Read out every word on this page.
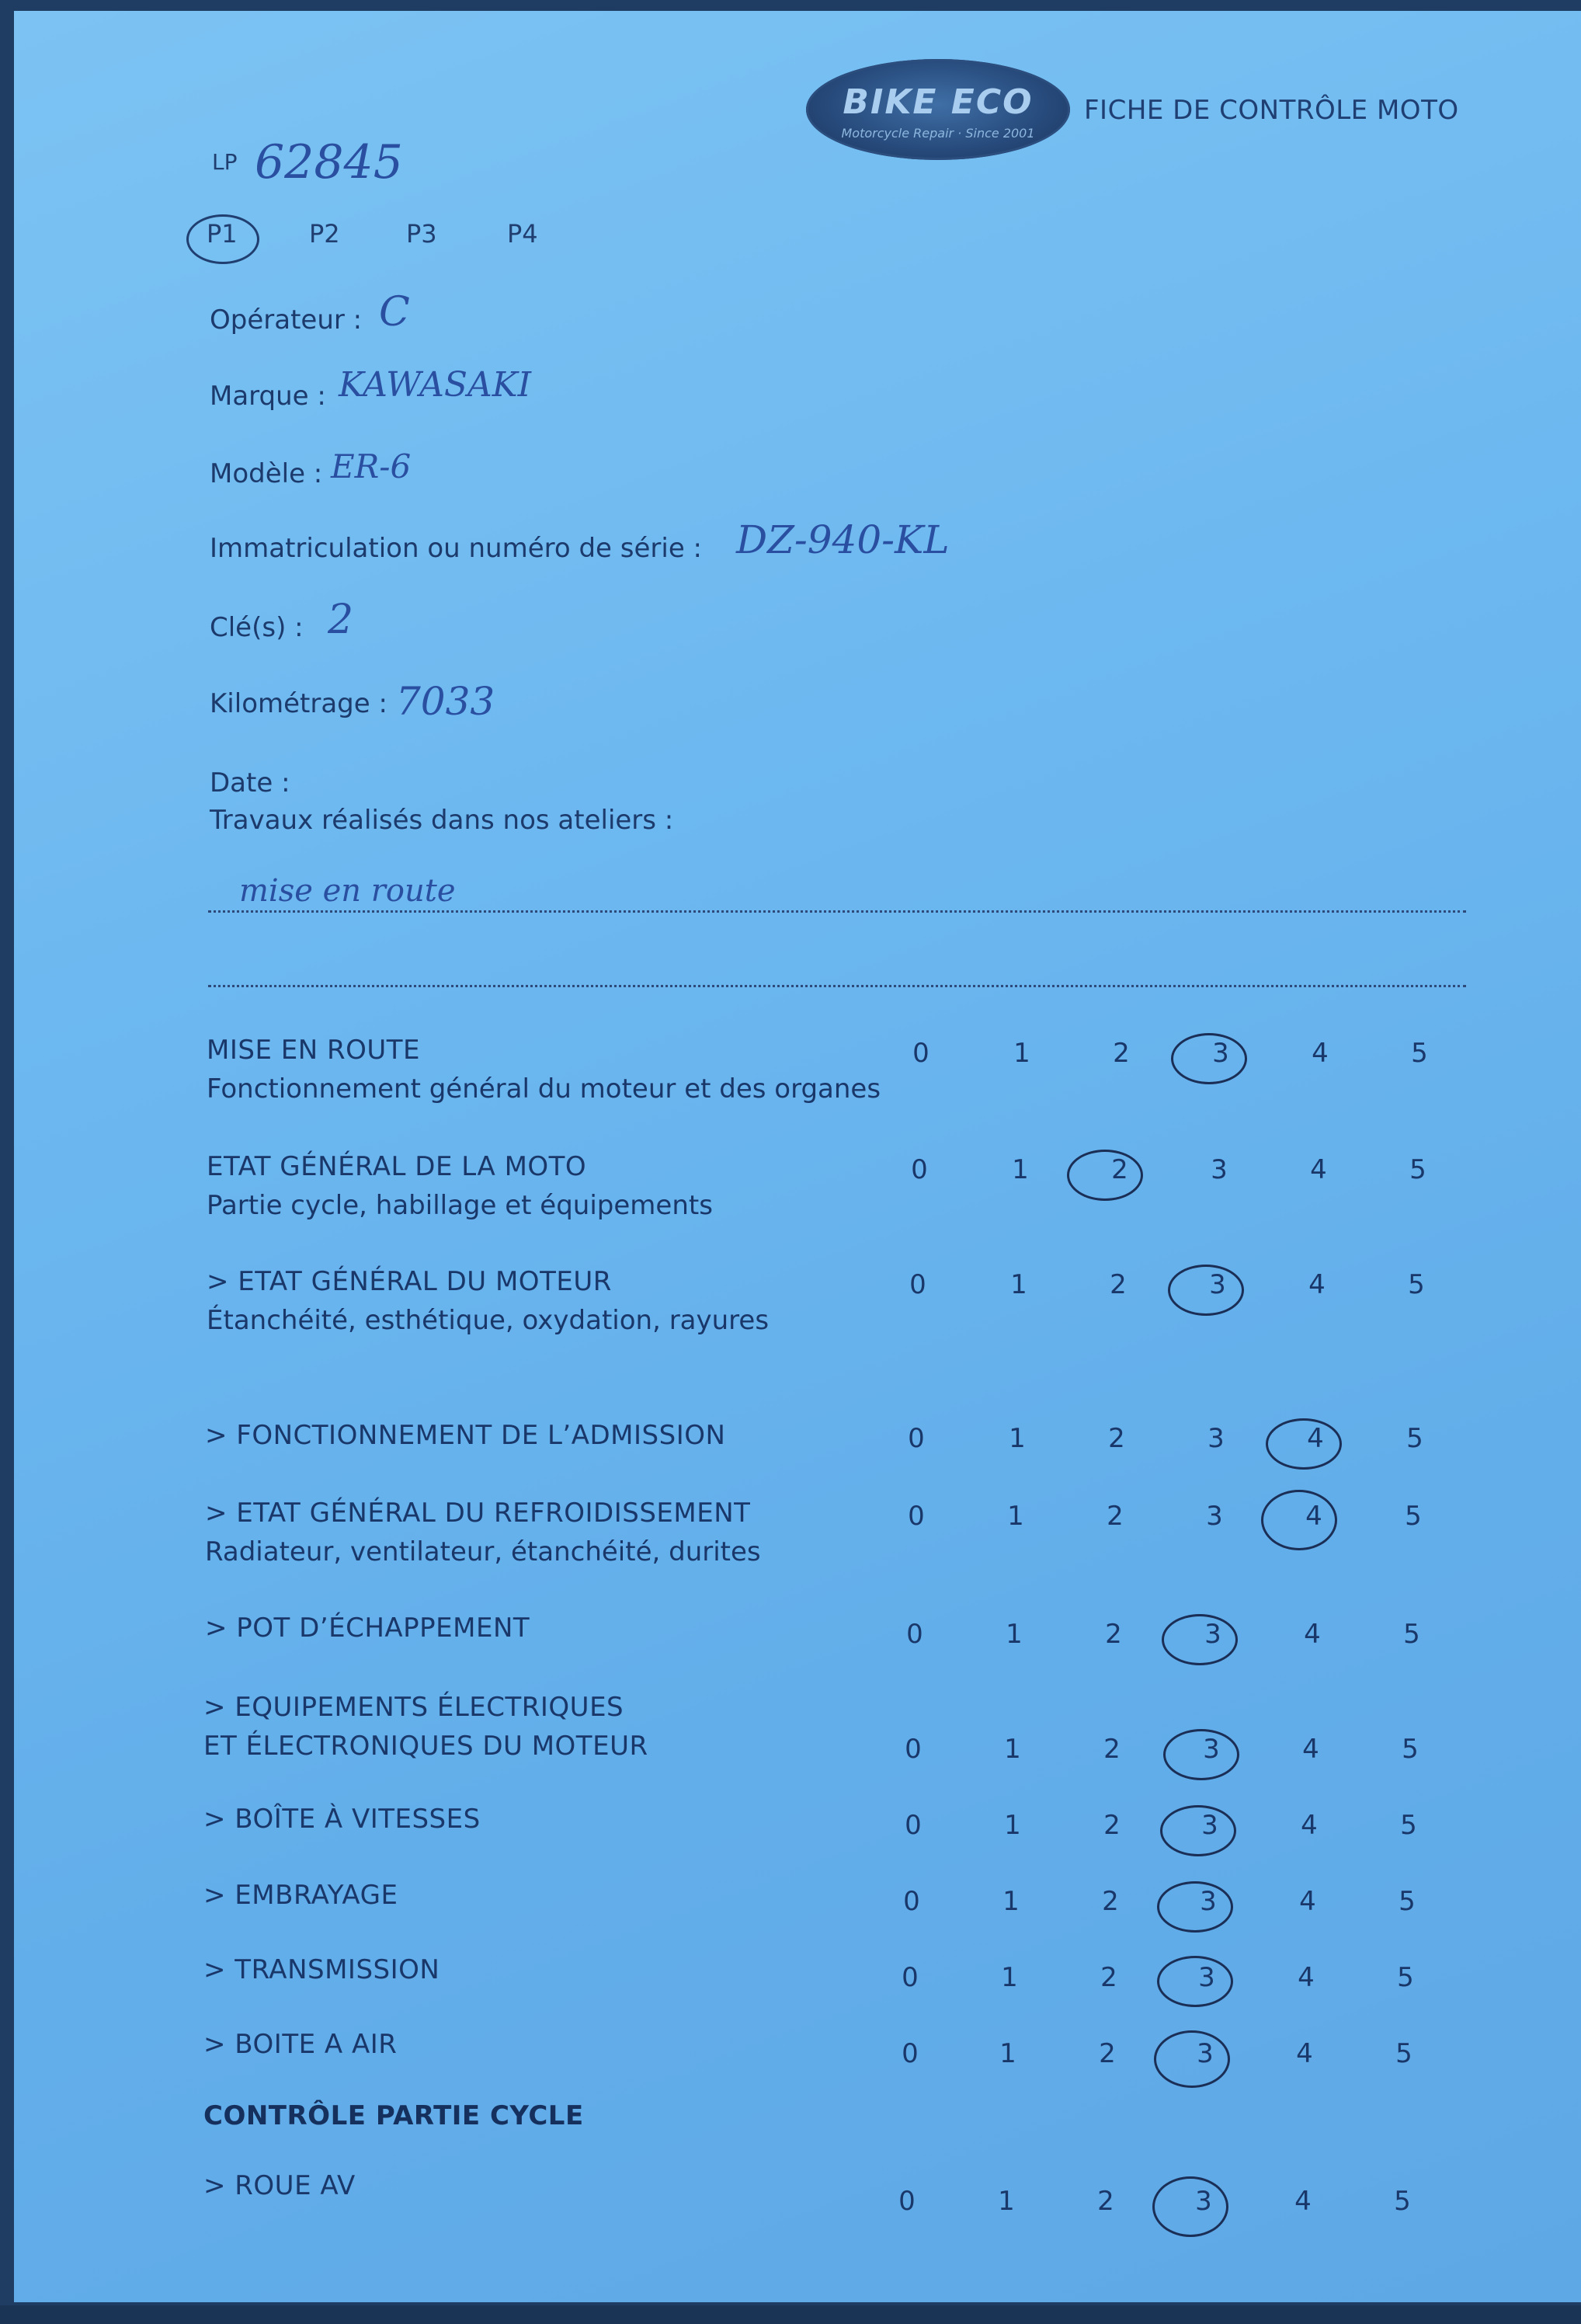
BIKE ECO
Motorcycle Repair · Since 2001
FICHE DE CONTRÔLE MOTO
LP 62845
P1	P2	P3	P4
Opérateur : C
Marque : KAWASAKI
Modèle : ER-6
Immatriculation ou numéro de série : DZ-940-KL
Clé(s) : 2
Kilométrage : 7033
Date :
Travaux réalisés dans nos ateliers :
mise en route
MISE EN ROUTE
Fonctionnement général du moteur et des organes
0	1	2	3	4	5
ETAT GÉNÉRAL DE LA MOTO
Partie cycle, habillage et équipements
0	1	2	3	4	5
> ETAT GÉNÉRAL DU MOTEUR
Étanchéité, esthétique, oxydation, rayures
0	1	2	3	4	5
> FONCTIONNEMENT DE L’ADMISSION	0	1	2	3	4	5
> ETAT GÉNÉRAL DU REFROIDISSEMENT
Radiateur, ventilateur, étanchéité, durites
0	1	2	3	4	5
> POT D’ÉCHAPPEMENT	0	1	2	3	4	5
> EQUIPEMENTS ÉLECTRIQUES
ET ÉLECTRONIQUES DU MOTEUR	0	1	2	3	4	5
> BOÎTE À VITESSES	0	1	2	3	4	5
> EMBRAYAGE	0	1	2	3	4	5
> TRANSMISSION	0	1	2	3	4	5
> BOITE A AIR	0	1	2	3	4	5
CONTRÔLE PARTIE CYCLE
> ROUE AV	0	1	2	3	4	5
